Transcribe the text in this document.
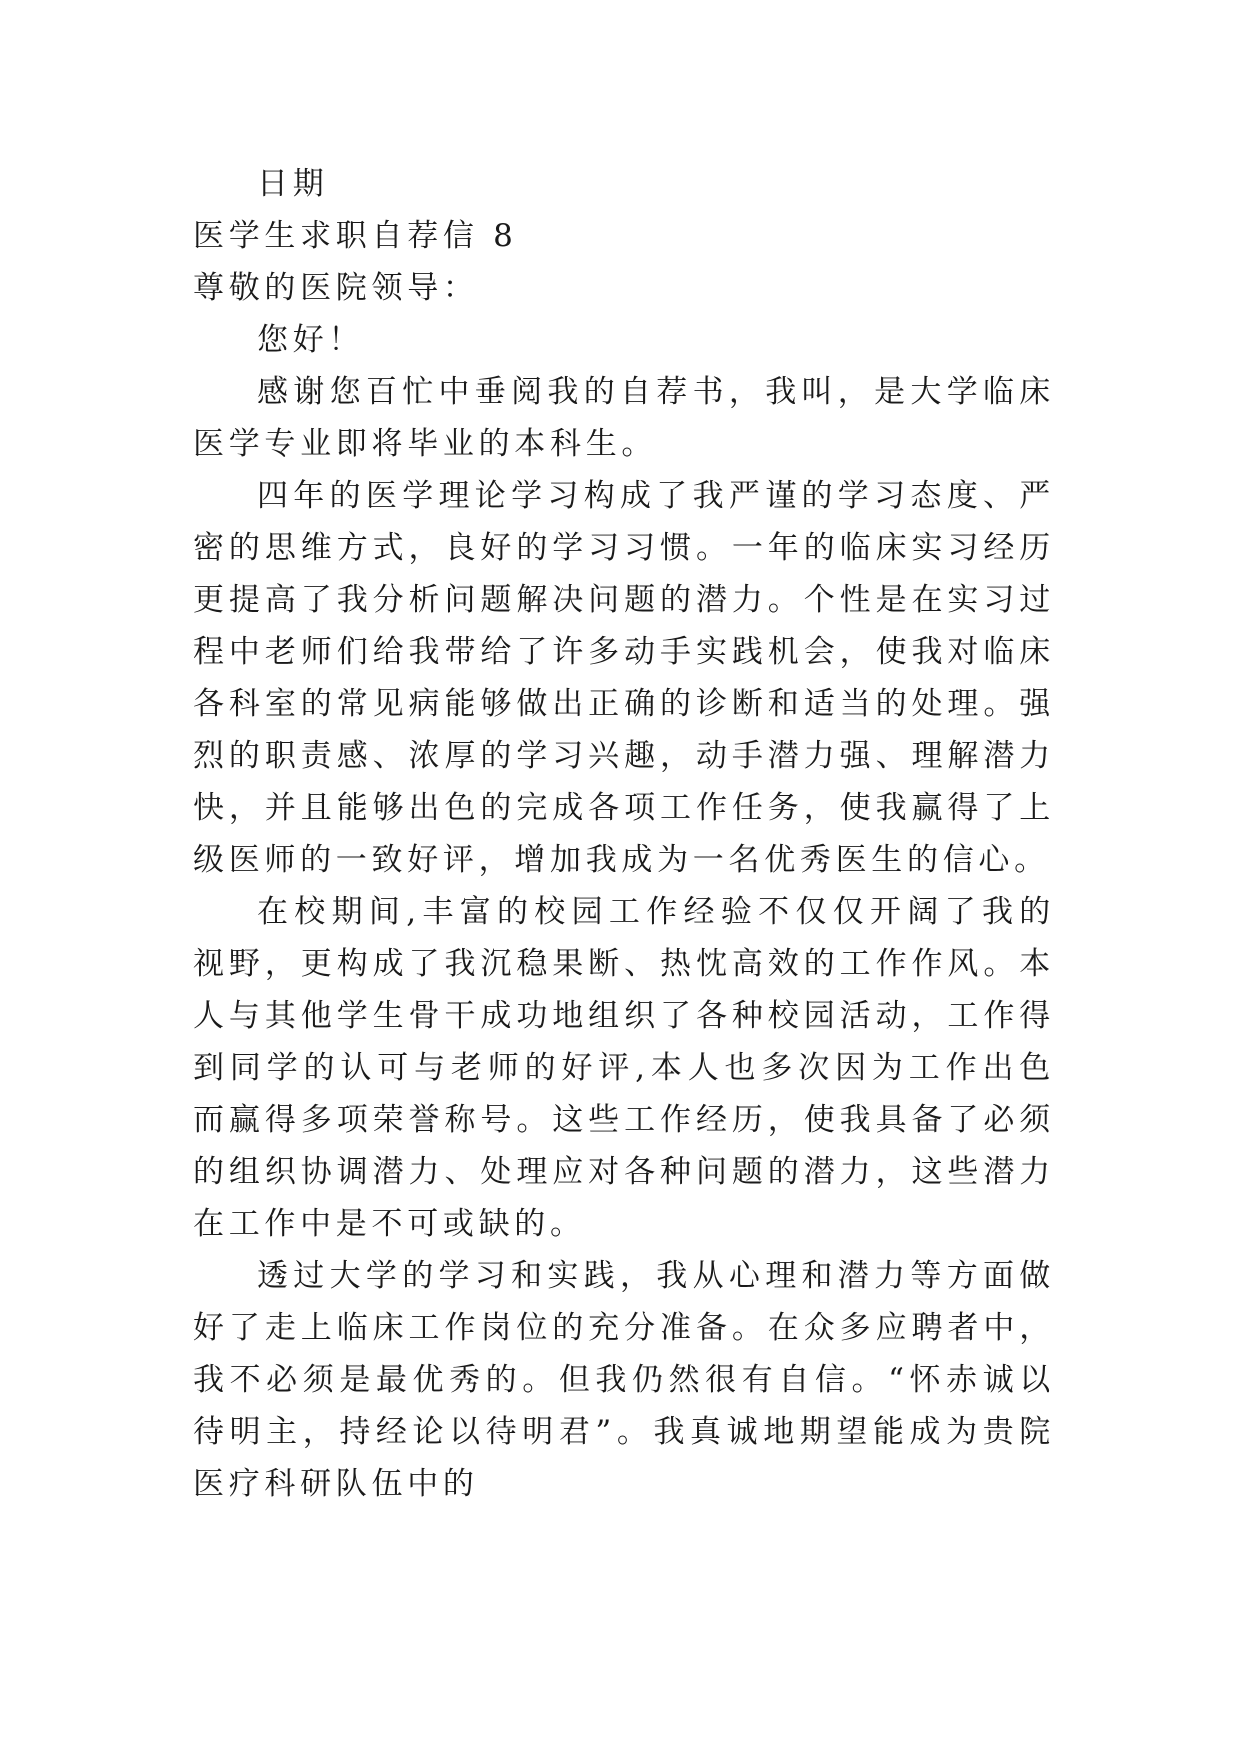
日期
医学生求职自荐信 8
尊敬的医院领导：
您好！
感谢您百忙中垂阅我的自荐书，我叫，是大学临床医学专业即将毕业的本科生。
四年的医学理论学习构成了我严谨的学习态度、严密的思维方式，良好的学习习惯。一年的临床实习经历更提高了我分析问题解决问题的潜力。个性是在实习过程中老师们给我带给了许多动手实践机会，使我对临床各科室的常见病能够做出正确的诊断和适当的处理。强烈的职责感、浓厚的学习兴趣，动手潜力强、理解潜力快，并且能够出色的完成各项工作任务，使我赢得了上级医师的一致好评，增加我成为一名优秀医生的信心。
在校期间,丰富的校园工作经验不仅仅开阔了我的视野，更构成了我沉稳果断、热忱高效的工作作风。本人与其他学生骨干成功地组织了各种校园活动，工作得到同学的认可与老师的好评,本人也多次因为工作出色而赢得多项荣誉称号。这些工作经历，使我具备了必须的组织协调潜力、处理应对各种问题的潜力，这些潜力在工作中是不可或缺的。
透过大学的学习和实践，我从心理和潜力等方面做好了走上临床工作岗位的充分准备。在众多应聘者中，我不必须是最优秀的。但我仍然很有自信。“怀赤诚以待明主，持经论以待明君”。我真诚地期望能成为贵院医疗科研队伍中的
